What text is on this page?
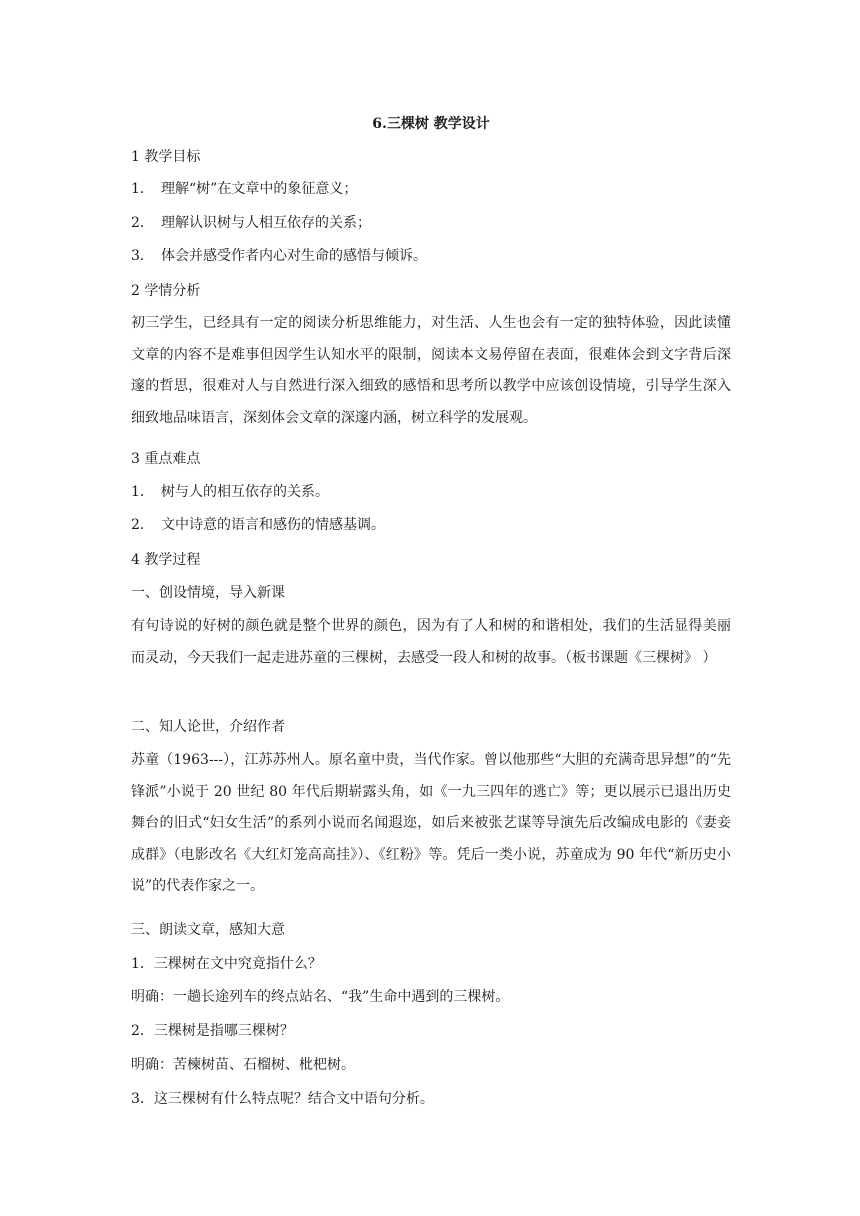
6.三棵树 教学设计
1 教学目标
1． 理解“树”在文章中的象征意义；
2． 理解认识树与人相互依存的关系；
3． 体会并感受作者内心对生命的感悟与倾诉。
2 学情分析
初三学生，已经具有一定的阅读分析思维能力，对生活、人生也会有一定的独特体验，因此读懂文章的内容不是难事但因学生认知水平的限制，阅读本文易停留在表面，很难体会到文字背后深邃的哲思，很难对人与自然进行深入细致的感悟和思考所以教学中应该创设情境，引导学生深入细致地品味语言，深刻体会文章的深邃内涵，树立科学的发展观。
3 重点难点
1． 树与人的相互依存的关系。
2． 文中诗意的语言和感伤的情感基调。
4 教学过程
一、创设情境，导入新课
有句诗说的好树的颜色就是整个世界的颜色，因为有了人和树的和谐相处，我们的生活显得美丽而灵动，今天我们一起走进苏童的三棵树，去感受一段人和树的故事。（板书课题《三棵树》 ）
二、知人论世，介绍作者
苏童（1963---），江苏苏州人。原名童中贵，当代作家。曾以他那些“大胆的充满奇思异想”的“先锋派”小说于 20 世纪 80 年代后期崭露头角，如《一九三四年的逃亡》等；更以展示已退出历史舞台的旧式“妇女生活”的系列小说而名闻遐迩，如后来被张艺谋等导演先后改编成电影的《妻妾成群》（电影改名《大红灯笼高高挂》）、《红粉》等。凭后一类小说，苏童成为 90 年代“新历史小说”的代表作家之一。
三、朗读文章，感知大意
1．三棵树在文中究竟指什么？
明确：一趟长途列车的终点站名、“我”生命中遇到的三棵树。
2．三棵树是指哪三棵树？
明确：苦楝树苗、石榴树、枇杷树。
3．这三棵树有什么特点呢？结合文中语句分析。
